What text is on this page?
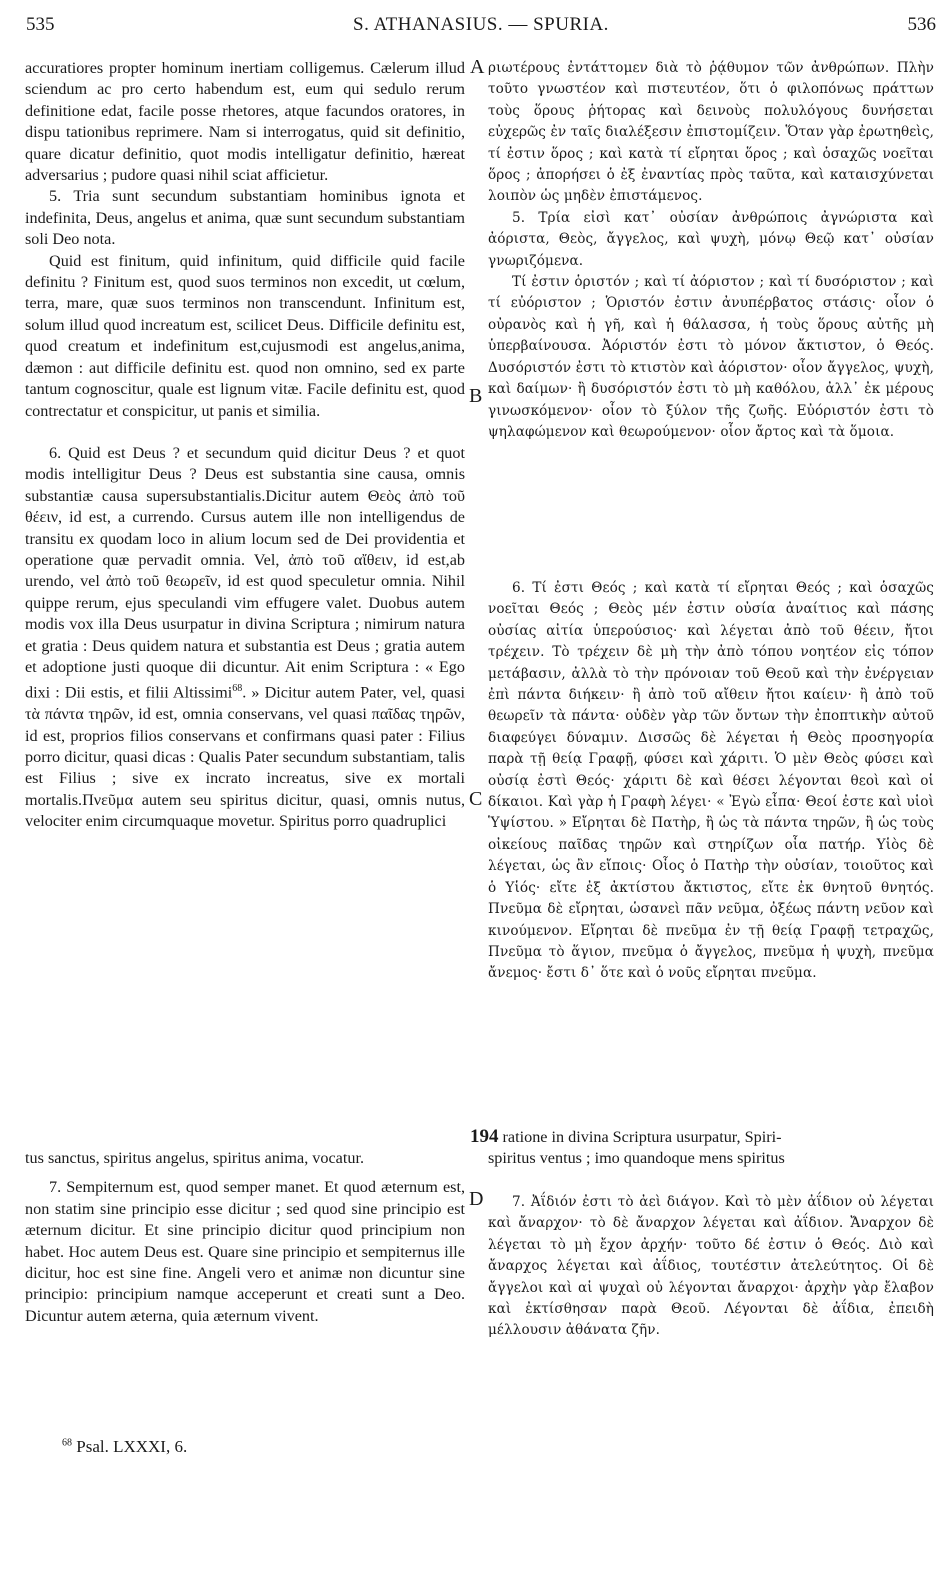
535	S. ATHANASIUS. — SPURIA.	536
A
B
C
D

accuratiores propter hominum inertiam colligemus. Cælerum illud sciendum ac pro certo habendum est, eum qui sedulo rerum definitione edat, facile posse rhetores, atque facundos oratores, in dispu tationibus reprimere. Nam si interrogatus, quid sit definitio, quare dicatur definitio, quot modis intelligatur definitio, hæreat adversarius ; pudore quasi nihil sciat afficietur.

5. Tria sunt secundum substantiam hominibus ignota et indefinita, Deus, angelus et anima, quæ sunt secundum substantiam soli Deo nota.

Quid est finitum, quid infinitum, quid difficile quid facile definitu ? Finitum est, quod suos terminos non excedit, ut cœlum, terra, mare, quæ suos terminos non transcendunt. Infinitum est, solum illud quod increatum est, scilicet Deus. Difficile definitu est, quod creatum et indefinitum est,cujusmodi est angelus,anima, dæmon : aut difficile definitu est. quod non omnino, sed ex parte tantum cognoscitur, quale est lignum vitæ. Facile definitu est, quod contrectatur et conspicitur, ut panis et similia.

6. Quid est Deus ? et secundum quid dicitur Deus ? et quot modis intelligitur Deus ? Deus est substantia sine causa, omnis substantiæ causa supersubstantialis.Dicitur autem Θεὸς ἀπὸ τοῦ θέειν, id est, a currendo. Cursus autem ille non intelligendus de transitu ex quodam loco in alium locum sed de Dei providentia et operatione quæ pervadit omnia. Vel, ἀπὸ τοῦ αἴθειν, id est,ab urendo, vel ἀπὸ τοῦ θεωρεῖν, id est quod speculetur omnia. Nihil quippe rerum, ejus speculandi vim effugere valet. Duobus autem modis vox illa Deus usurpatur in divina Scriptura ; nimirum natura et gratia : Deus quidem natura et substantia est Deus ; gratia autem et adoptione justi quoque dii dicuntur. Ait enim Scriptura : « Ego dixi : Dii estis, et filii Altissimi$^{68}$. » Dicitur autem Pater, vel, quasi τὰ πάντα τηρῶν, id est, omnia conservans, vel quasi παῖδας τηρῶν, id est, proprios filios conservans et confirmans quasi pater : Filius porro dicitur, quasi dicas : Qualis Pater secundum substantiam, talis est Filius ; sive ex incrato increatus, sive ex mortali mortalis.Πνεῦμα autem seu spiritus dicitur, quasi, omnis nutus, velociter enim circumquaque movetur. Spiritus porro quadruplici

194 ratione in divina Scriptura usurpatur, Spiri-

tus sanctus, spiritus angelus, spiritus anima, vocatur.

7. Sempiternum est, quod semper manet. Et quod æternum est, non statim sine principio esse dicitur ; sed quod sine principio est æternum dicitur. Et sine principio dicitur quod principium non habet. Hoc autem Deus est. Quare sine principio et sempiternus ille dicitur, hoc est sine fine. Angeli vero et animæ non dicuntur sine principio: principium namque acceperunt et creati sunt a Deo. Dicuntur autem æterna, quia æternum vivent.

ριωτέρους ἐντάττομεν διὰ τὸ ῥᾴθυμον τῶν ἀνθρώπων. Πλὴν τοῦτο γνωστέον καὶ πιστευτέον, ὅτι ὁ φιλοπόνως πράττων τοὺς ὅρους ῥήτορας καὶ δεινοὺς πολυλόγους δυνήσεται εὐχερῶς ἐν ταῖς διαλέξεσιν ἐπιστομίζειν. Ὅταν γὰρ ἐρωτηθεὶς, τί ἐστιν ὅρος ; καὶ κατὰ τί εἴρηται ὅρος ; καὶ ὁσαχῶς νοεῖται ὅρος ; ἀπορήσει ὁ ἐξ ἐναντίας πρὸς ταῦτα, καὶ καταισχύνεται λοιπὸν ὡς μηδὲν ἐπιστάμενος.

5. Τρία εἰσὶ κατ᾽ οὐσίαν ἀνθρώποις ἀγνώριστα καὶ ἀόριστα, Θεὸς, ἄγγελος, καὶ ψυχὴ, μόνῳ Θεῷ κατ᾽ οὐσίαν γνωριζόμενα.

Τί ἐστιν ὁριστόν ; καὶ τί ἀόριστον ; καὶ τί δυσόριστον ; καὶ τί εὐόριστον ; Ὁριστόν ἐστιν ἀνυπέρβατος στάσις· οἷον ὁ οὐρανὸς καὶ ἡ γῆ, καὶ ἡ θάλασσα, ἡ τοὺς ὅρους αὐτῆς μὴ ὑπερβαίνουσα. Ἀόριστόν ἐστι τὸ μόνον ἄκτιστον, ὁ Θεός. Δυσόριστόν ἐστι τὸ κτιστὸν καὶ ἀόριστον· οἷον ἄγγελος, ψυχὴ, καὶ δαίμων· ἢ δυσόριστόν ἐστι τὸ μὴ καθόλου, ἀλλ᾽ ἐκ μέρους γινωσκόμενον· οἷον τὸ ξύλον τῆς ζωῆς. Εὐόριστόν ἐστι τὸ ψηλαφώμενον καὶ θεωρούμενον· οἷον ἄρτος καὶ τὰ ὅμοια.

6. Τί ἐστι Θεός ; καὶ κατὰ τί εἴρηται Θεός ; καὶ ὁσαχῶς νοεῖται Θεός ; Θεὸς μέν ἐστιν οὐσία ἀναίτιος καὶ πάσης οὐσίας αἰτία ὑπερούσιος· καὶ λέγεται ἀπὸ τοῦ θέειν, ἤτοι τρέχειν. Τὸ τρέχειν δὲ μὴ τὴν ἀπὸ τόπου νοητέον εἰς τόπον μετάβασιν, ἀλλὰ τὸ τὴν πρόνοιαν τοῦ Θεοῦ καὶ τὴν ἐνέργειαν ἐπὶ πάντα διήκειν· ἢ ἀπὸ τοῦ αἴθειν ἤτοι καίειν· ἢ ἀπὸ τοῦ θεωρεῖν τὰ πάντα· οὐδὲν γὰρ τῶν ὄντων τὴν ἐποπτικὴν αὐτοῦ διαφεύγει δύναμιν. Δισσῶς δὲ λέγεται ἡ Θεὸς προσηγορία παρὰ τῇ θείᾳ Γραφῇ, φύσει καὶ χάριτι. Ὁ μὲν Θεὸς φύσει καὶ οὐσίᾳ ἐστὶ Θεός· χάριτι δὲ καὶ θέσει λέγονται θεοὶ καὶ οἱ δίκαιοι. Καὶ γὰρ ἡ Γραφὴ λέγει· « Ἐγὼ εἶπα· Θεοί ἐστε καὶ υἱοὶ Ὑψίστου. » Εἴρηται δὲ Πατὴρ, ἢ ὡς τὰ πάντα τηρῶν, ἢ ὡς τοὺς οἰκείους παῖδας τηρῶν καὶ στηρίζων οἷα πατήρ. Υἱὸς δὲ λέγεται, ὡς ἂν εἴποις· Οἷος ὁ Πατὴρ τὴν οὐσίαν, τοιοῦτος καὶ ὁ Υἱός· εἴτε ἐξ ἀκτίστου ἄκτιστος, εἴτε ἐκ θνητοῦ θνητός. Πνεῦμα δὲ εἴρηται, ὡσανεὶ πᾶν νεῦμα, ὀξέως πάντη νεῦον καὶ κινούμενον. Εἴρηται δὲ πνεῦμα ἐν τῇ θείᾳ Γραφῇ τετραχῶς, Πνεῦμα τὸ ἅγιον, πνεῦμα ὁ ἄγγελος, πνεῦμα ἡ ψυχὴ, πνεῦμα ἄνεμος· ἔστι δ᾽ ὅτε καὶ ὁ νοῦς εἴρηται πνεῦμα.

spiritus ventus ; imo quandoque mens spiritus

7. Ἀΐδιόν ἐστι τὸ ἀεὶ διάγον. Καὶ τὸ μὲν ἀΐδιον οὐ λέγεται καὶ ἄναρχον· τὸ δὲ ἄναρχον λέγεται καὶ ἀΐδιον. Ἄναρχον δὲ λέγεται τὸ μὴ ἔχον ἀρχήν· τοῦτο δέ ἐστιν ὁ Θεός. Διὸ καὶ ἄναρχος λέγεται καὶ ἀΐδιος, τουτέστιν ἀτελεύτητος. Οἱ δὲ ἄγγελοι καὶ αἱ ψυχαὶ οὐ λέγονται ἄναρχοι· ἀρχὴν γὰρ ἔλαβον καὶ ἐκτίσθησαν παρὰ Θεοῦ. Λέγονται δὲ ἀΐδια, ἐπειδὴ μέλλουσιν ἀθάνατα ζῆν.

$^{68}$ Psal. LXXXI, 6.
